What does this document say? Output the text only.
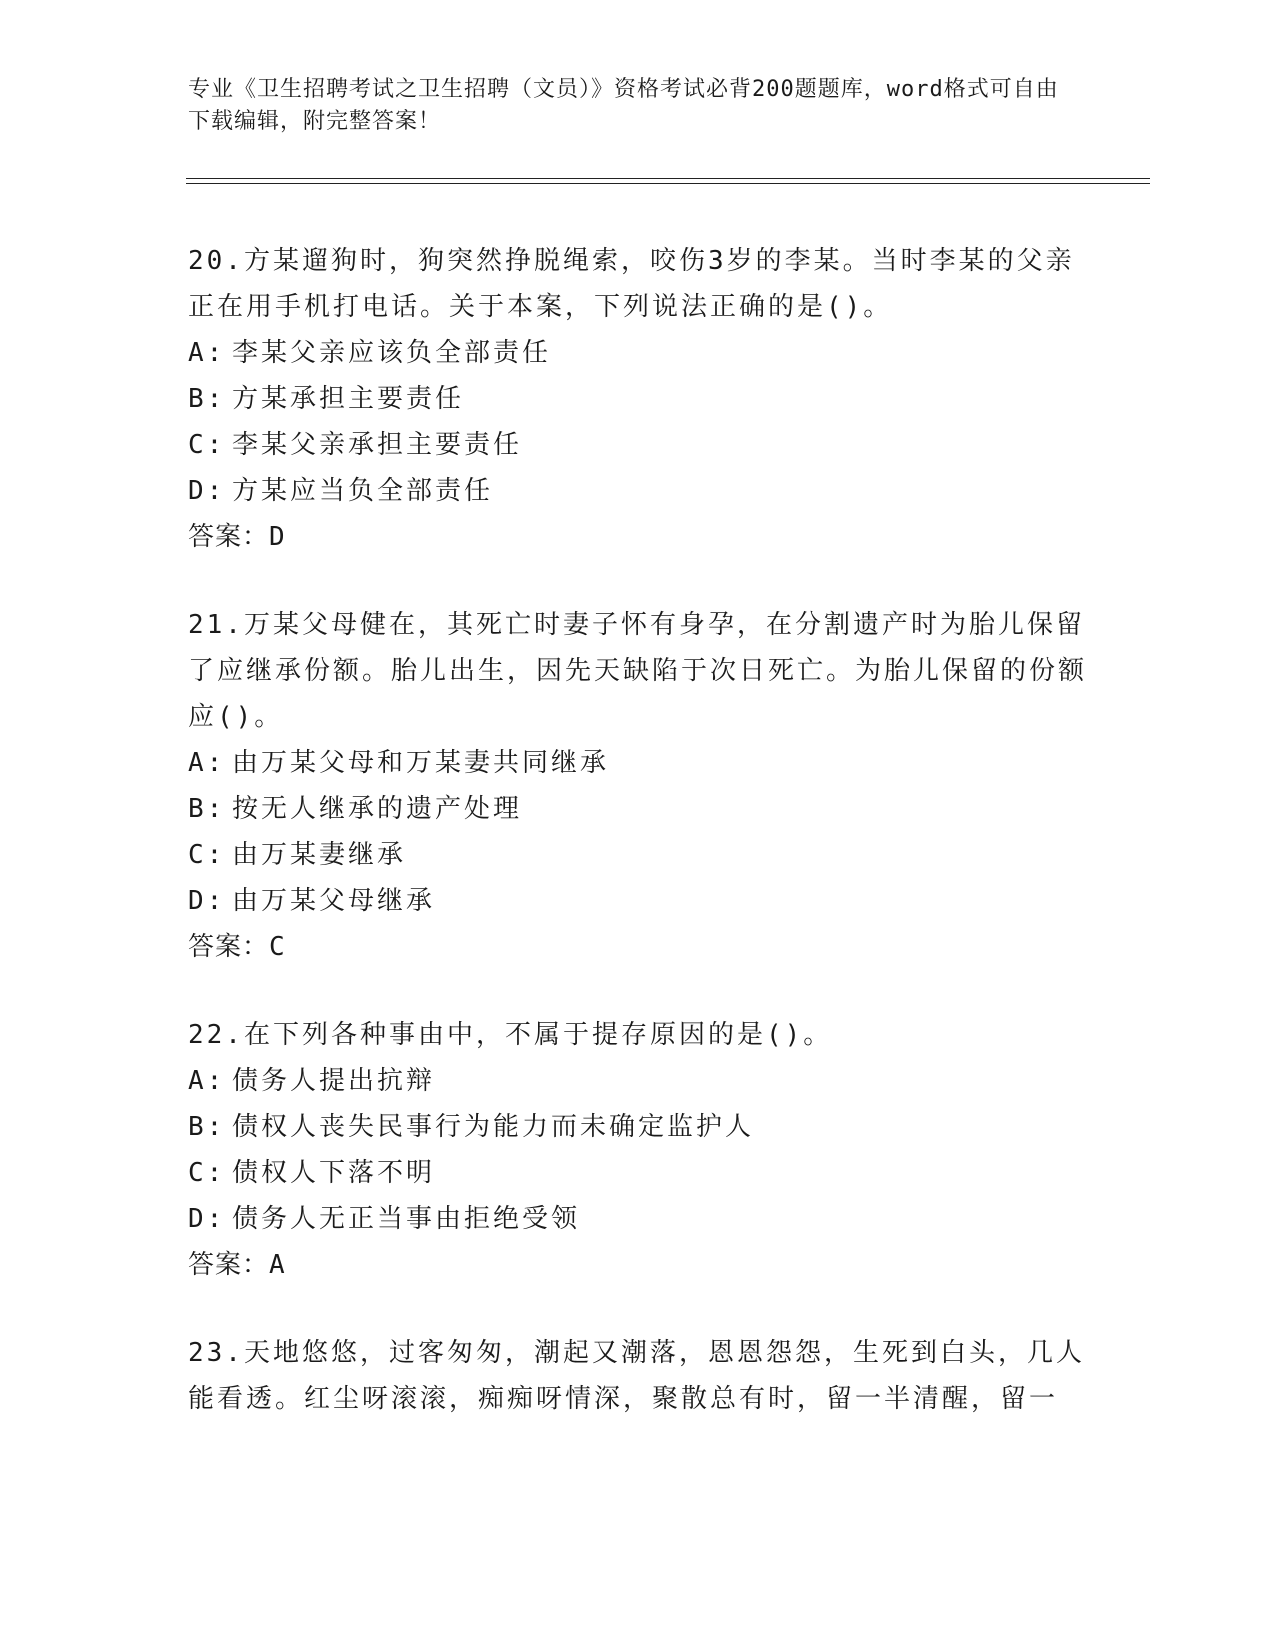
专业《卫生招聘考试之卫生招聘（文员）》资格考试必背200题题库，word格式可自由下载编辑，附完整答案！
20.方某遛狗时，狗突然挣脱绳索，咬伤3岁的李某。当时李某的父亲正在用手机打电话。关于本案，下列说法正确的是()。
A: 李某父亲应该负全部责任
B: 方某承担主要责任
C: 李某父亲承担主要责任
D: 方某应当负全部责任
答案：D
21.万某父母健在，其死亡时妻子怀有身孕，在分割遗产时为胎儿保留了应继承份额。胎儿出生，因先天缺陷于次日死亡。为胎儿保留的份额应()。
A: 由万某父母和万某妻共同继承
B: 按无人继承的遗产处理
C: 由万某妻继承
D: 由万某父母继承
答案：C
22.在下列各种事由中，不属于提存原因的是()。
A: 债务人提出抗辩
B: 债权人丧失民事行为能力而未确定监护人
C: 债权人下落不明
D: 债务人无正当事由拒绝受领
答案：A
23.天地悠悠，过客匆匆，潮起又潮落，恩恩怨怨，生死到白头，几人能看透。红尘呀滚滚，痴痴呀情深，聚散总有时，留一半清醒，留一
